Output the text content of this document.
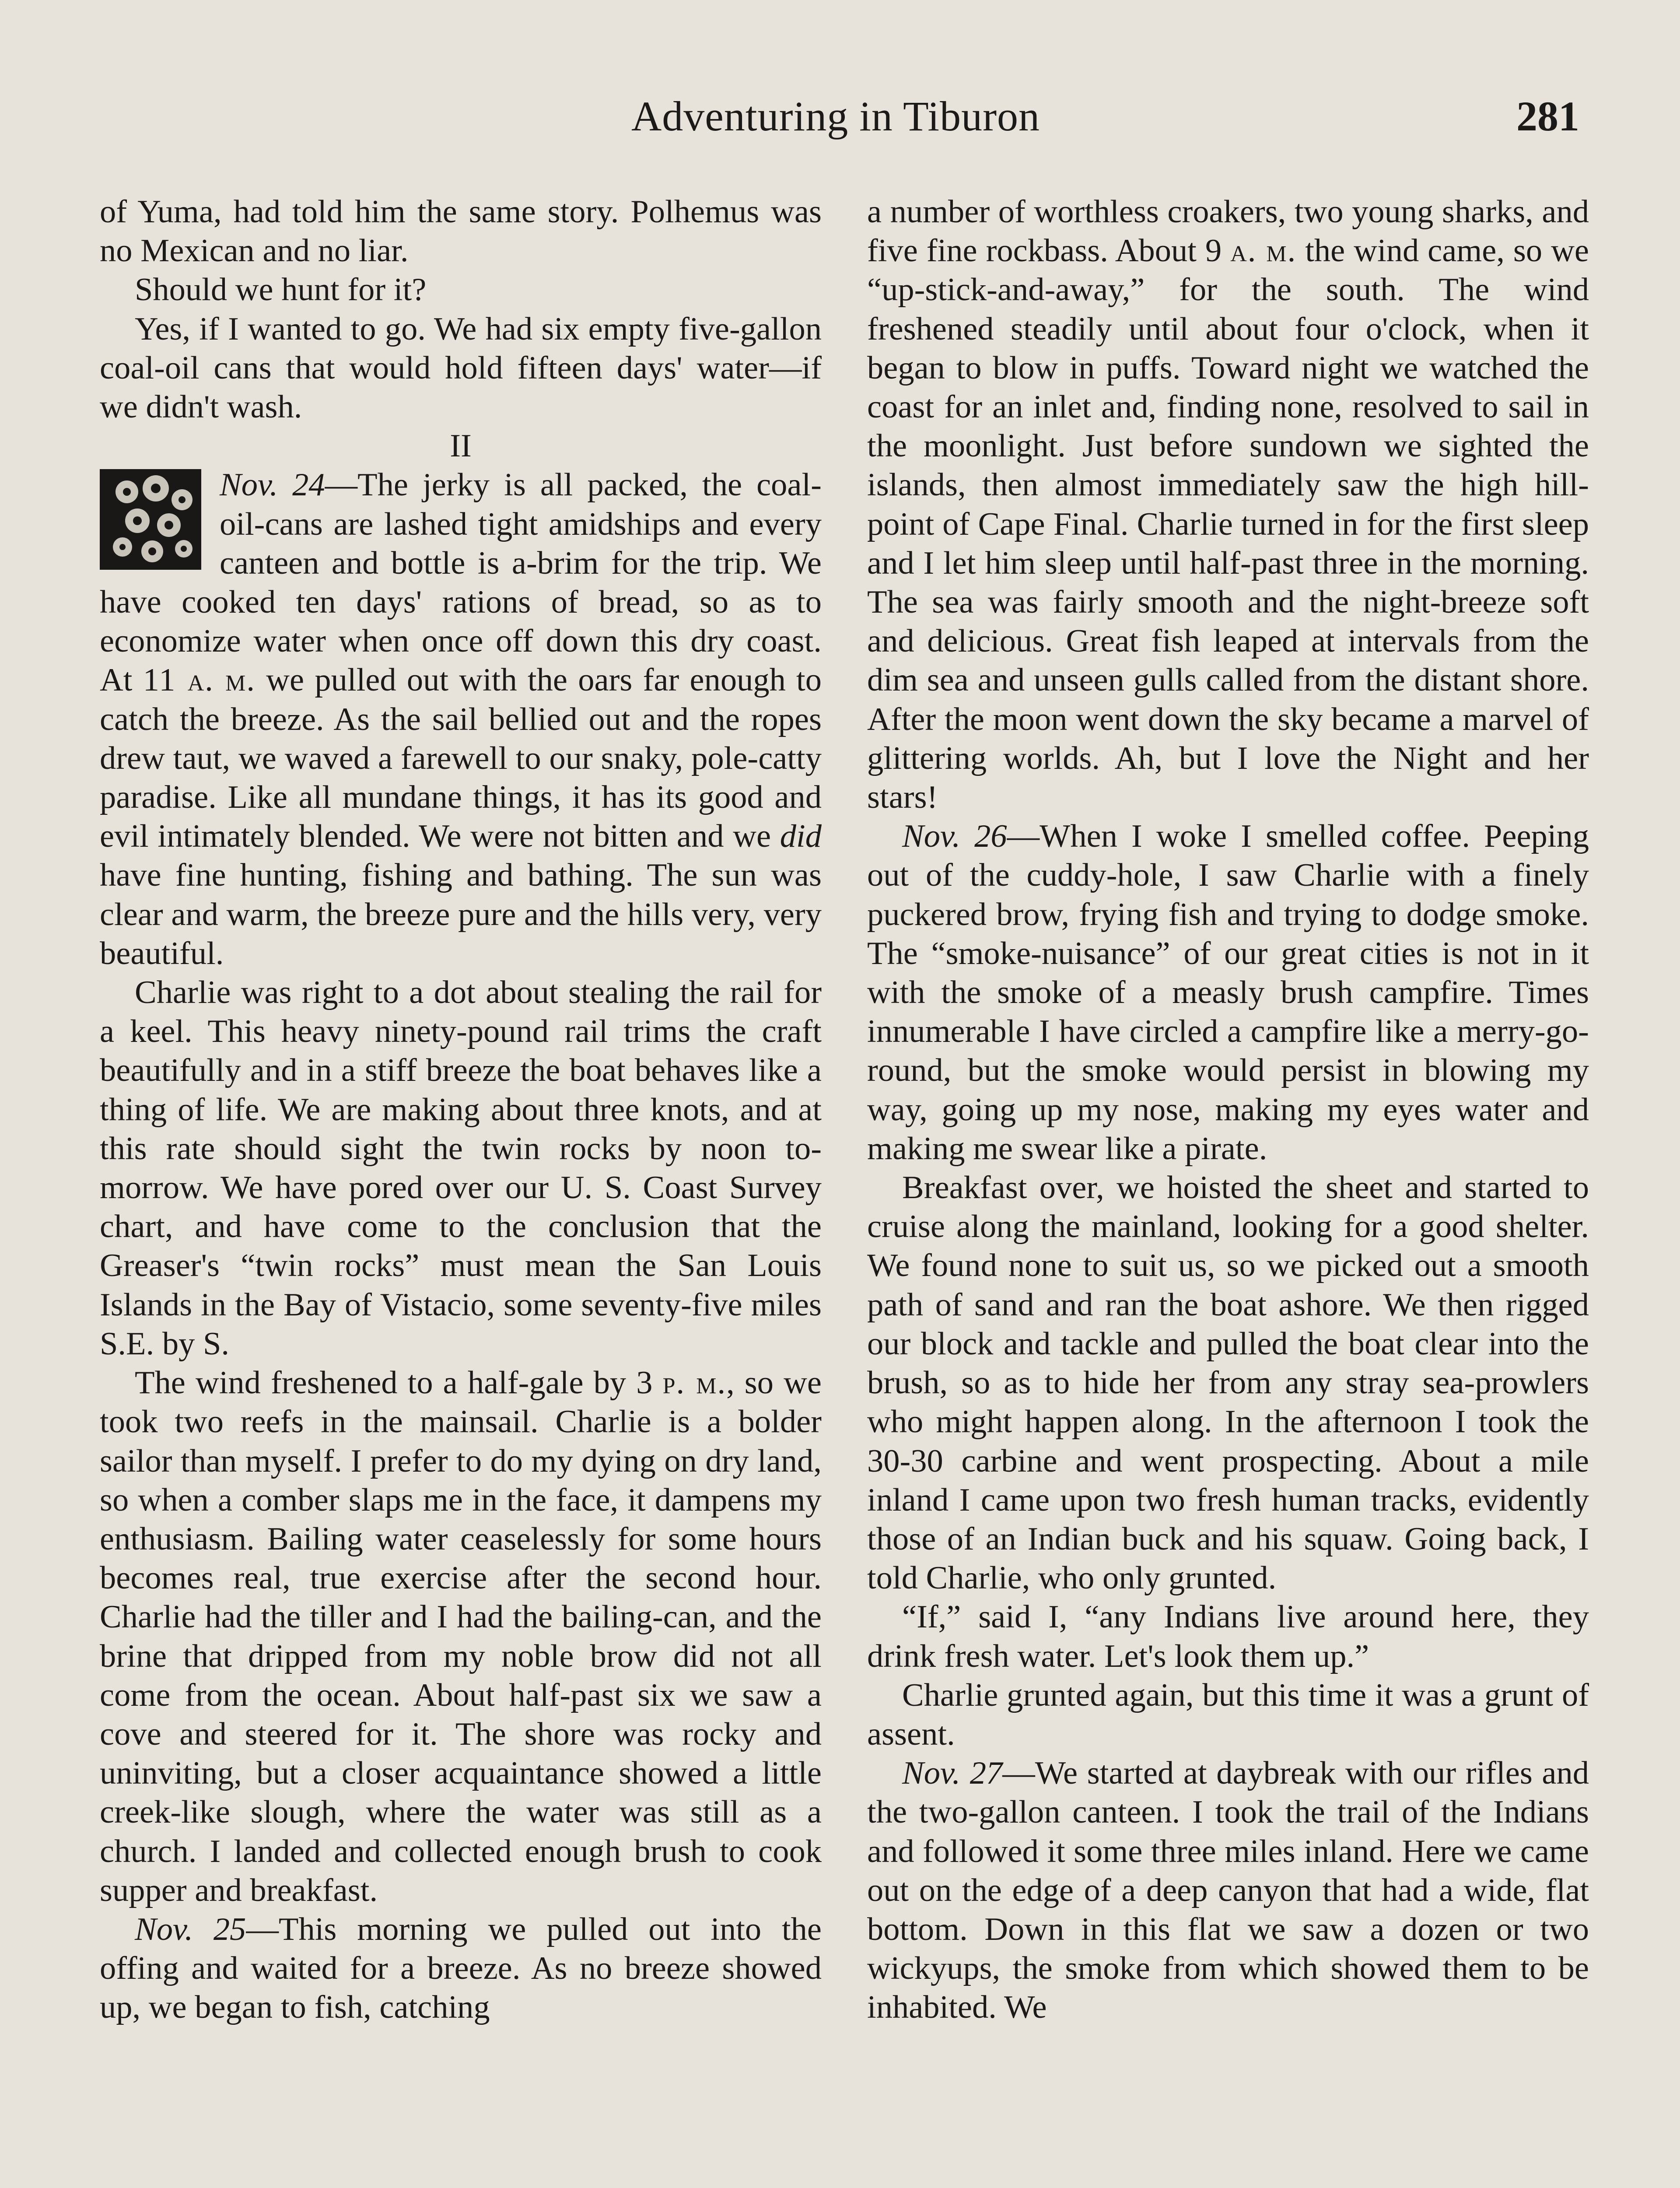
Adventuring in Tiburon	281

of Yuma, had told him the same story. Polhemus was no Mexican and no liar.

Should we hunt for it?

Yes, if I wanted to go. We had six empty five-gallon coal-oil cans that would hold fifteen days' water—if we didn't wash.

II

Nov. 24—The jerky is all packed, the coal-oil-cans are lashed tight amidships and every canteen and bottle is a-brim for the trip. We have cooked ten days' rations of bread, so as to economize water when once off down this dry coast. At 11 a. m. we pulled out with the oars far enough to catch the breeze. As the sail bellied out and the ropes drew taut, we waved a farewell to our snaky, pole-catty paradise. Like all mundane things, it has its good and evil intimately blended. We were not bitten and we did have fine hunting, fishing and bathing. The sun was clear and warm, the breeze pure and the hills very, very beautiful.

Charlie was right to a dot about stealing the rail for a keel. This heavy ninety-pound rail trims the craft beautifully and in a stiff breeze the boat behaves like a thing of life. We are making about three knots, and at this rate should sight the twin rocks by noon to-morrow. We have pored over our U. S. Coast Survey chart, and have come to the conclusion that the Greaser's “twin rocks” must mean the San Louis Islands in the Bay of Vistacio, some seventy-five miles S.E. by S.

The wind freshened to a half-gale by 3 p. m., so we took two reefs in the mainsail. Charlie is a bolder sailor than myself. I prefer to do my dying on dry land, so when a comber slaps me in the face, it dampens my enthusiasm. Bailing water ceaselessly for some hours becomes real, true exercise after the second hour. Charlie had the tiller and I had the bailing-can, and the brine that dripped from my noble brow did not all come from the ocean. About half-past six we saw a cove and steered for it. The shore was rocky and uninviting, but a closer acquaintance showed a little creek-like slough, where the water was still as a church. I landed and collected enough brush to cook supper and breakfast.

Nov. 25—This morning we pulled out into the offing and waited for a breeze. As no breeze showed up, we began to fish, catching

a number of worthless croakers, two young sharks, and five fine rockbass. About 9 a. m. the wind came, so we “up-stick-and-away,” for the south. The wind freshened steadily until about four o'clock, when it began to blow in puffs. Toward night we watched the coast for an inlet and, finding none, resolved to sail in the moonlight. Just before sundown we sighted the islands, then almost immediately saw the high hill-point of Cape Final. Charlie turned in for the first sleep and I let him sleep until half-past three in the morning. The sea was fairly smooth and the night-breeze soft and delicious. Great fish leaped at intervals from the dim sea and unseen gulls called from the distant shore. After the moon went down the sky became a marvel of glittering worlds. Ah, but I love the Night and her stars!

Nov. 26—When I woke I smelled coffee. Peeping out of the cuddy-hole, I saw Charlie with a finely puckered brow, frying fish and trying to dodge smoke. The “smoke-nuisance” of our great cities is not in it with the smoke of a measly brush campfire. Times innumerable I have circled a campfire like a merry-go-round, but the smoke would persist in blowing my way, going up my nose, making my eyes water and making me swear like a pirate.

Breakfast over, we hoisted the sheet and started to cruise along the mainland, looking for a good shelter. We found none to suit us, so we picked out a smooth path of sand and ran the boat ashore. We then rigged our block and tackle and pulled the boat clear into the brush, so as to hide her from any stray sea-prowlers who might happen along. In the afternoon I took the 30-30 carbine and went prospecting. About a mile inland I came upon two fresh human tracks, evidently those of an Indian buck and his squaw. Going back, I told Charlie, who only grunted.

“If,” said I, “any Indians live around here, they drink fresh water. Let's look them up.”

Charlie grunted again, but this time it was a grunt of assent.

Nov. 27—We started at daybreak with our rifles and the two-gallon canteen. I took the trail of the Indians and followed it some three miles inland. Here we came out on the edge of a deep canyon that had a wide, flat bottom. Down in this flat we saw a dozen or two wickyups, the smoke from which showed them to be inhabited. We
